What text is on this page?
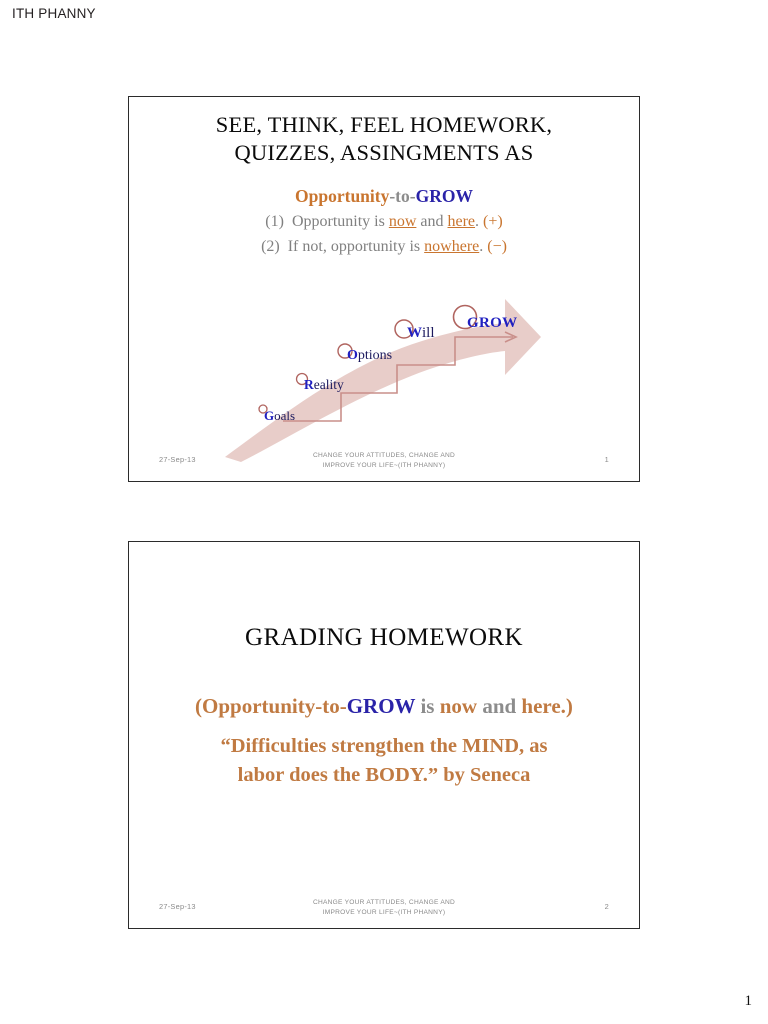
ITH PHANNY
SEE, THINK, FEEL HOMEWORK,
QUIZZES, ASSINGMENTS AS
Opportunity-to-GROW
(1) Opportunity is now and here. (+)
(2) If not, opportunity is nowhere. (−)
Goals
Reality
Options
Will
GROW
27-Sep-13	CHANGE YOUR ATTITUDES, CHANGE AND
IMPROVE YOUR LIFE~(ITH PHANNY)
1
GRADING HOMEWORK
(Opportunity-to-GROW is now and here.)
“Difficulties strengthen the MIND, as
labor does the BODY.” by Seneca
27-Sep-13	CHANGE YOUR ATTITUDES, CHANGE AND
IMPROVE YOUR LIFE~(ITH PHANNY)
2
1
